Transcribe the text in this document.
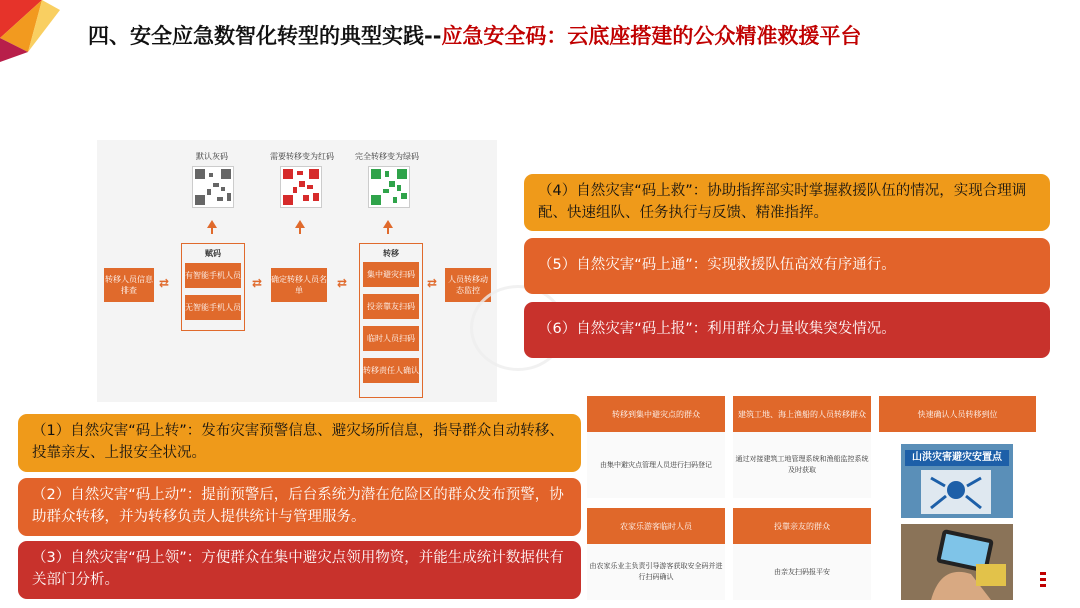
四、安全应急数智化转型的典型实践--应急安全码：云底座搭建的公众精准救援平台
默认灰码	需要转移变为红码	完全转移变为绿码
转移人员信息排查
⇄
赋码
有智能手机人员
无智能手机人员
⇄ 确定转移人员名单
⇄
转移
集中避灾扫码
投亲靠友扫码
临时人员扫码
转移责任人确认
⇄	人员转移动态监控
（4）自然灾害“码上救”：协助指挥部实时掌握救援队伍的情况，实现合理调配、快速组队、任务执行与反馈、精准指挥。
（5）自然灾害“码上通”：实现救援队伍高效有序通行。
（6）自然灾害“码上报”：利用群众力量收集突发情况。
（1）自然灾害“码上转”：发布灾害预警信息、避灾场所信息，指导群众自动转移、投靠亲友、上报安全状况。
（2）自然灾害“码上动”：提前预警后，后台系统为潜在危险区的群众发布预警，协助群众转移，并为转移负责人提供统计与管理服务。
（3）自然灾害“码上领”：方便群众在集中避灾点领用物资，并能生成统计数据供有关部门分析。
转移到集中避灾点的群众
由集中避灾点管理人员进行扫码登记
建筑工地、海上渔船的人员转移群众
通过对接建筑工地管理系统和渔船监控系统及时获取
快速确认人员转移到位
农家乐游客临时人员
由农家乐业主负责引导游客获取安全码并进行扫码确认
投靠亲友的群众
由亲友扫码报平安
山洪灾害避灾安置点
